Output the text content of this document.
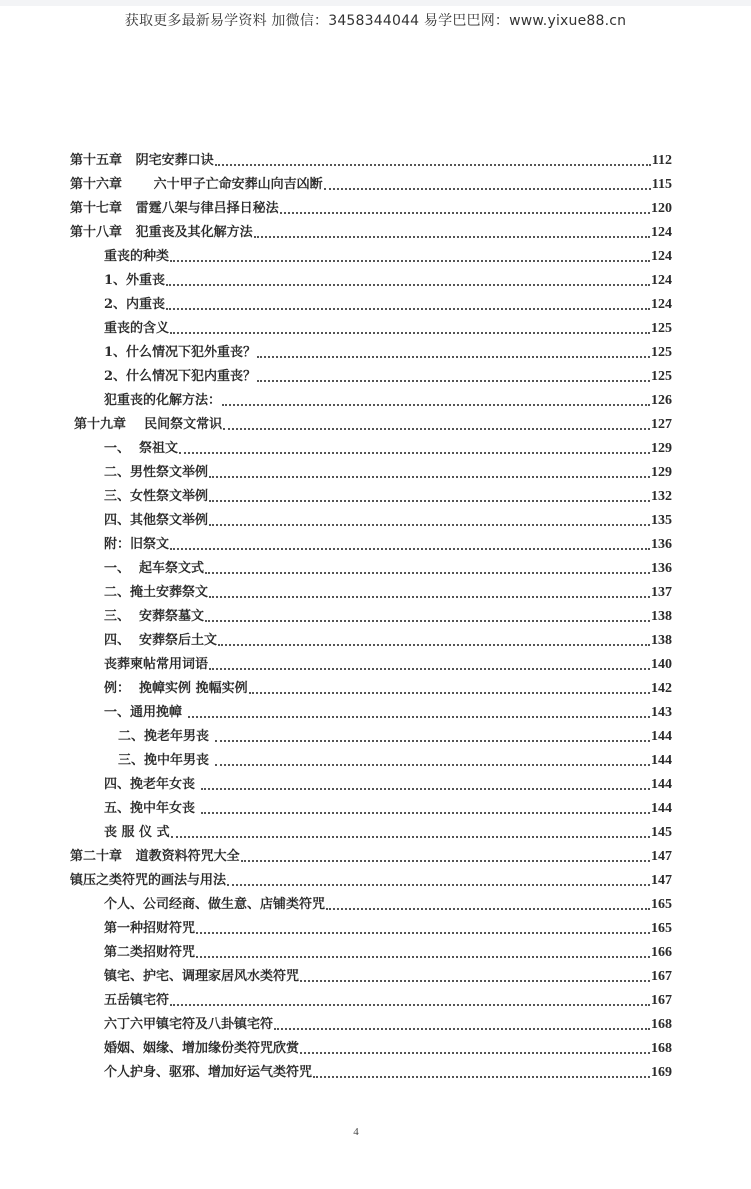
获取更多最新易学资料 加微信：3458344044 易学巴巴网：www.yixue88.cn
第十五章   阴宅安葬口诀	112
第十六章       六十甲子亡命安葬山向吉凶断	115
第十七章   雷霆八架与律吕择日秘法	120
第十八章   犯重丧及其化解方法	124
重丧的种类	124
1、外重丧	124
2、内重丧	124
重丧的含义	125
1、什么情况下犯外重丧？	125
2、什么情况下犯内重丧？	125
犯重丧的化解方法：	126
第十九章    民间祭文常识	127
一、  祭祖文	129
二、男性祭文举例	129
三、女性祭文举例	132
四、其他祭文举例	135
附：旧祭文	136
一、  起车祭文式	136
二、掩土安葬祭文	137
三、  安葬祭墓文	138
四、  安葬祭后土文	138
丧葬柬帖常用词语	140
例：  挽幛实例 挽幅实例	142
一、通用挽幛	143
二、挽老年男丧	144
三、挽中年男丧	144
四、挽老年女丧	144
五、挽中年女丧	144
丧 服 仪 式	145
第二十章   道教资料符咒大全	147
镇压之类符咒的画法与用法	147
个人、公司经商、做生意、店铺类符咒	165
第一种招财符咒	165
第二类招财符咒	166
镇宅、护宅、调理家居风水类符咒	167
五岳镇宅符	167
六丁六甲镇宅符及八卦镇宅符	168
婚姻、姻缘、增加缘份类符咒欣赏	168
个人护身、驱邪、增加好运气类符咒	169
4
